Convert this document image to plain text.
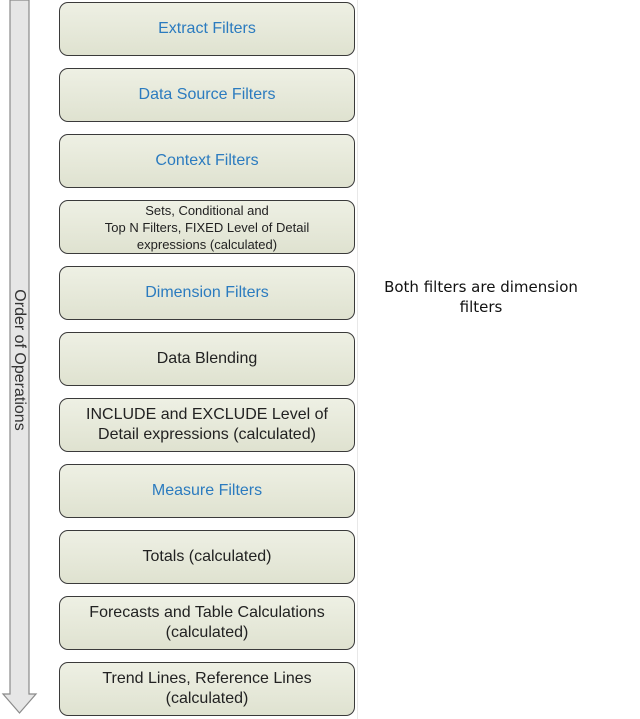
Order of Operations
Extract Filters
Data Source Filters
Context Filters
Sets, Conditional and
Top N Filters, FIXED Level of Detail
expressions (calculated)
Dimension Filters
Data Blending
INCLUDE and EXCLUDE Level of
Detail expressions (calculated)
Measure Filters
Totals (calculated)
Forecasts and Table Calculations
(calculated)
Trend Lines, Reference Lines
(calculated)
Both filters are dimension
filters
